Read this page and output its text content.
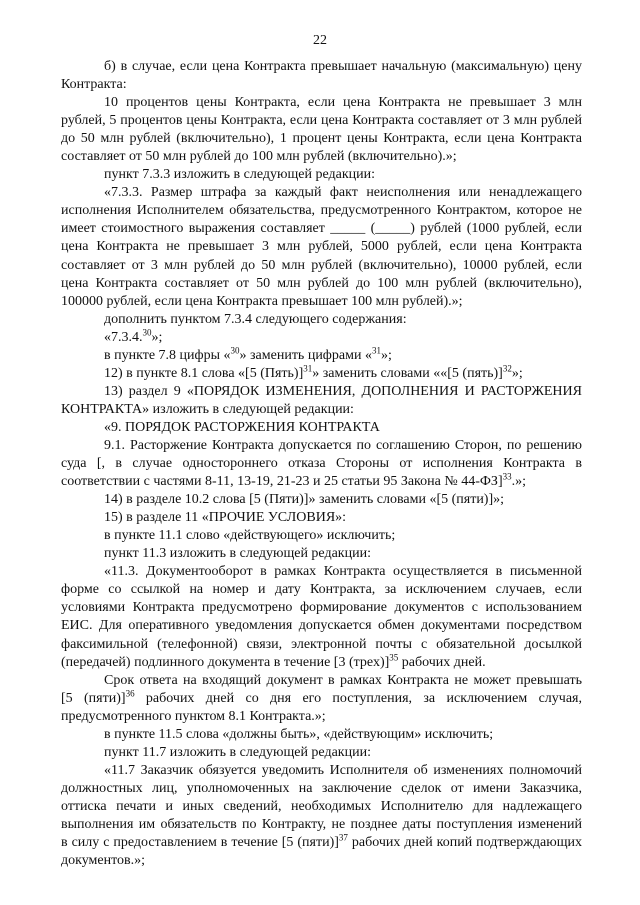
22
б) в случае, если цена Контракта превышает начальную (максимальную) цену
Контракта:
10 процентов цены Контракта, если цена Контракта не превышает 3 млн
рублей, 5 процентов цены Контракта, если цена Контракта составляет от 3 млн рублей
до 50 млн рублей (включительно), 1 процент цены Контракта, если цена Контракта
составляет от 50 млн рублей до 100 млн рублей (включительно).»;
пункт 7.3.3 изложить в следующей редакции:
«7.3.3. Размер штрафа за каждый факт неисполнения или ненадлежащего
исполнения Исполнителем обязательства, предусмотренного Контрактом, которое не
имеет стоимостного выражения составляет _____ (_____) рублей (1000 рублей, если
цена Контракта не превышает 3 млн рублей, 5000 рублей, если цена Контракта
составляет от 3 млн рублей до 50 млн рублей (включительно), 10000 рублей, если
цена Контракта составляет от 50 млн рублей до 100 млн рублей (включительно),
100000 рублей, если цена Контракта превышает 100 млн рублей).»;
дополнить пунктом 7.3.4 следующего содержания:
«7.3.4.30»;
в пункте 7.8 цифры «$^{30}$» заменить цифрами «$^{31}$»;
12) в пункте 8.1 слова «[5 (Пять)]$^{31}$» заменить словами ««[5 (пять)]$^{32}$»;
13) раздел 9 «ПОРЯДОК ИЗМЕНЕНИЯ, ДОПОЛНЕНИЯ И РАСТОРЖЕНИЯ
КОНТРАКТА» изложить в следующей редакции:
«9. ПОРЯДОК РАСТОРЖЕНИЯ КОНТРАКТА
9.1. Расторжение Контракта допускается по соглашению Сторон, по решению
суда [, в случае одностороннего отказа Стороны от исполнения Контракта в
соответствии с частями 8-11, 13-19, 21-23 и 25 статьи 95 Закона № 44-ФЗ]$^{33}$.»;
14) в разделе 10.2 слова [5 (Пяти)]» заменить словами «[5 (пяти)]»;
15) в разделе 11 «ПРОЧИЕ УСЛОВИЯ»:
в пункте 11.1 слово «действующего» исключить;
пункт 11.3 изложить в следующей редакции:
«11.3. Документооборот в рамках Контракта осуществляется в письменной
форме со ссылкой на номер и дату Контракта, за исключением случаев, если
условиями Контракта предусмотрено формирование документов с использованием
ЕИС. Для оперативного уведомления допускается обмен документами посредством
факсимильной (телефонной) связи, электронной почты с обязательной досылкой
(передачей) подлинного документа в течение [3 (трех)]$^{35}$ рабочих дней.
Срок ответа на входящий документ в рамках Контракта не может превышать
[5 (пяти)]$^{36}$ рабочих дней со дня его поступления, за исключением случая,
предусмотренного пунктом 8.1 Контракта.»;
в пункте 11.5 слова «должны быть», «действующим» исключить;
пункт 11.7 изложить в следующей редакции:
«11.7 Заказчик обязуется уведомить Исполнителя об изменениях полномочий
должностных лиц, уполномоченных на заключение сделок от имени Заказчика,
оттиска печати и иных сведений, необходимых Исполнителю для надлежащего
выполнения им обязательств по Контракту, не позднее даты поступления изменений
в силу с предоставлением в течение [5 (пяти)]$^{37}$ рабочих дней копий подтверждающих
документов.»;
